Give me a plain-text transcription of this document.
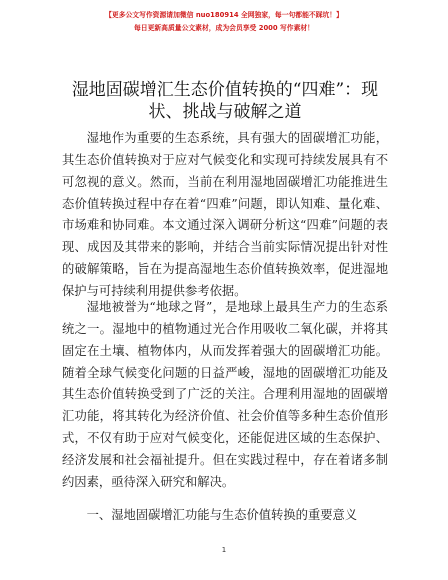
【更多公文写作资源请加微信 nuo180914 全网独家，每一句都能不踩坑！】
每日更新高质量公文素材，成为会员享受 2000 写作素材！
湿地固碳增汇生态价值转换的“四难”：现状、挑战与破解之道

湿地作为重要的生态系统，具有强大的固碳增汇功能，其生态价值转换对于应对气候变化和实现可持续发展具有不可忽视的意义。然而，当前在利用湿地固碳增汇功能推进生态价值转换过程中存在着“四难”问题，即认知难、量化难、市场难和协同难。本文通过深入调研分析这“四难”问题的表现、成因及其带来的影响，并结合当前实际情况提出针对性的破解策略，旨在为提高湿地生态价值转换效率，促进湿地保护与可持续利用提供参考依据。

湿地被誉为“地球之肾”，是地球上最具生产力的生态系统之一。湿地中的植物通过光合作用吸收二氧化碳，并将其固定在土壤、植物体内，从而发挥着强大的固碳增汇功能。随着全球气候变化问题的日益严峻，湿地的固碳增汇功能及其生态价值转换受到了广泛的关注。合理利用湿地的固碳增汇功能，将其转化为经济价值、社会价值等多种生态价值形式，不仅有助于应对气候变化，还能促进区域的生态保护、经济发展和社会福祉提升。但在实践过程中，存在着诸多制约因素，亟待深入研究和解决。

一、湿地固碳增汇功能与生态价值转换的重要意义
1
